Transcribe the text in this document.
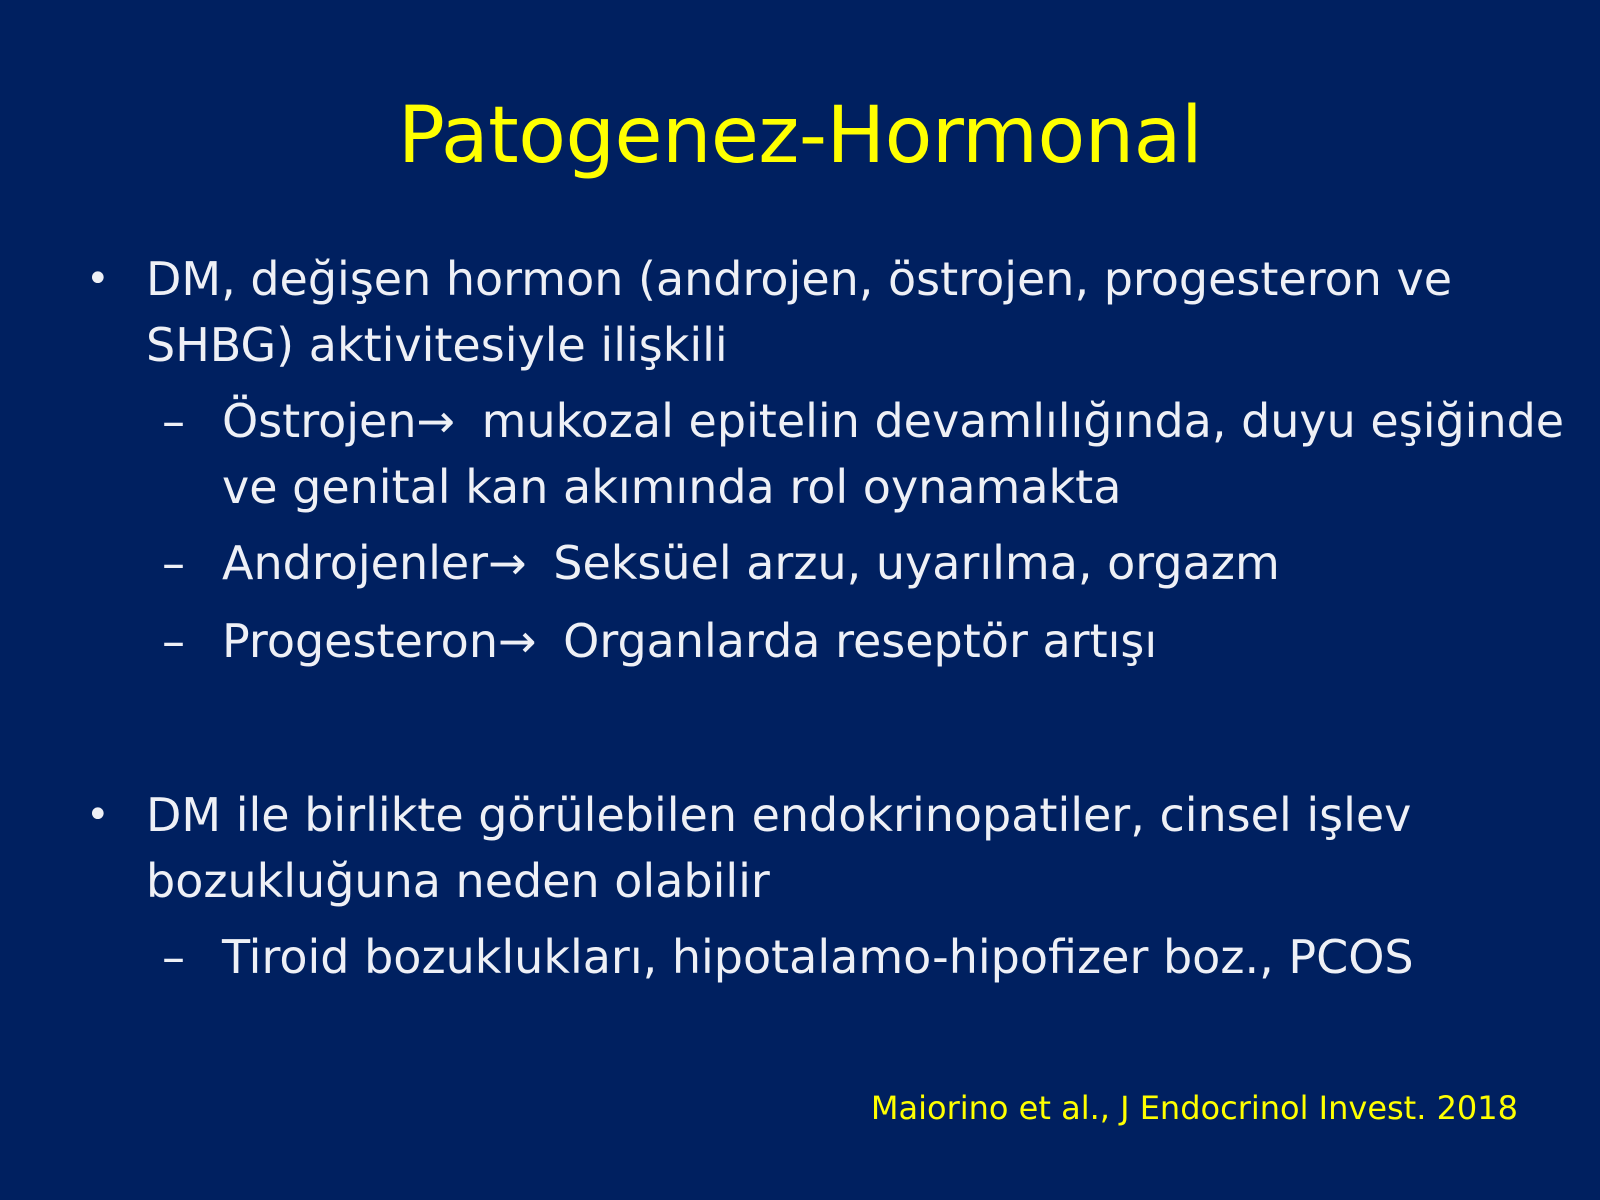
Patogenez-Hormonal
• DM, değişen hormon (androjen, östrojen, progesteron ve SHBG) aktivitesiyle ilişkili
– Östrojen→ mukozal epitelin devamlılığında, duyu eşiğinde ve genital kan akımında rol oynamakta
– Androjenler→ Seksüel arzu, uyarılma, orgazm
– Progesteron→ Organlarda reseptör artışı
• DM ile birlikte görülebilen endokrinopatiler, cinsel işlev bozukluğuna neden olabilir
– Tiroid bozuklukları, hipotalamo-hipofizer boz., PCOS
Maiorino et al., J Endocrinol Invest. 2018
